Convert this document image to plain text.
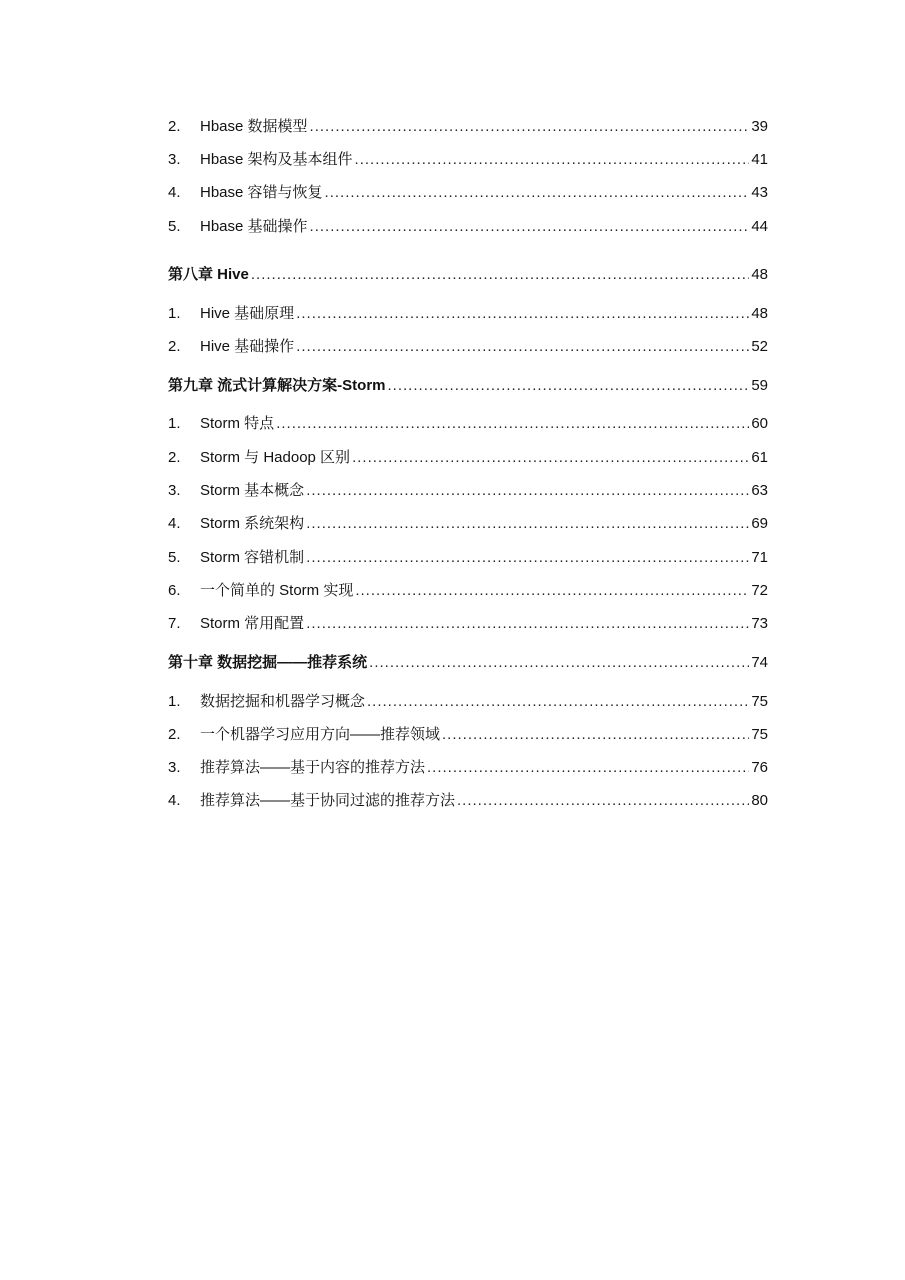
2.	Hbase 数据模型 .....	39
3.	Hbase 架构及基本组件 .....	41
4.	Hbase 容错与恢复 .....	43
5.	Hbase 基础操作 .....	44
第八章 Hive .....	48
1.	Hive 基础原理 .....	48
2.	Hive 基础操作 .....	52
第九章 流式计算解决方案-Storm .....	59
1.	Storm 特点 .....	60
2.	Storm 与 Hadoop 区别 .....	61
3.	Storm 基本概念 .....	63
4.	Storm 系统架构 .....	69
5.	Storm 容错机制 .....	71
6.	一个简单的 Storm 实现 .....	72
7.	Storm 常用配置 .....	73
第十章 数据挖掘——推荐系统 .....	74
1.	数据挖掘和机器学习概念 .....	75
2.	一个机器学习应用方向——推荐领域 .....	75
3.	推荐算法——基于内容的推荐方法 .....	76
4.	推荐算法——基于协同过滤的推荐方法 .....	80
